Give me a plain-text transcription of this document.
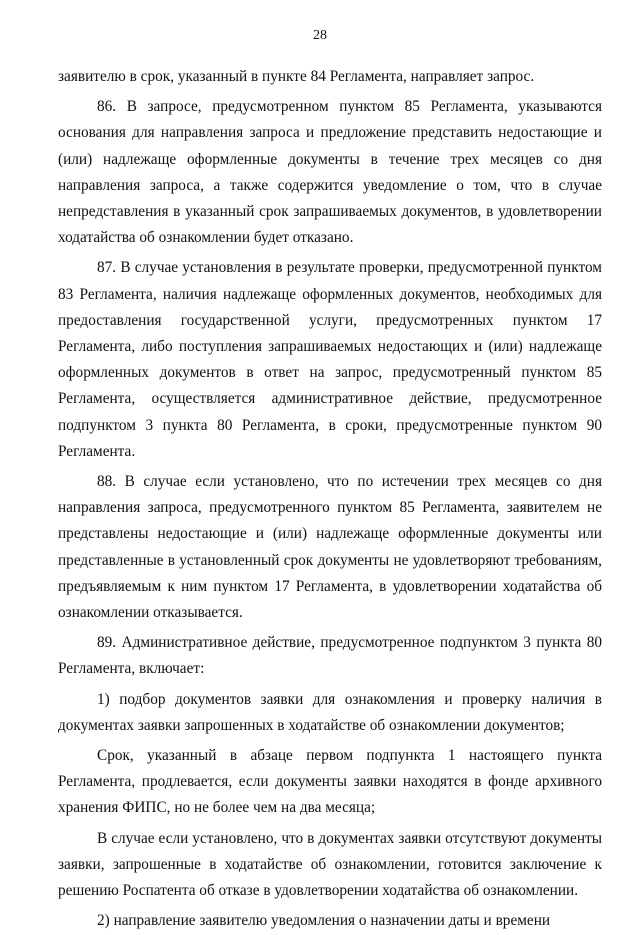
28

заявителю в срок, указанный в пункте 84 Регламента, направляет запрос.

86. В запросе, предусмотренном пунктом 85 Регламента, указываются основания для направления запроса и предложение представить недостающие и (или) надлежаще оформленные документы в течение трех месяцев со дня направления запроса, а также содержится уведомление о том, что в случае непредставления в указанный срок запрашиваемых документов, в удовлетворении ходатайства об ознакомлении будет отказано.

87. В случае установления в результате проверки, предусмотренной пунктом 83 Регламента, наличия надлежаще оформленных документов, необходимых для предоставления государственной услуги, предусмотренных пунктом 17 Регламента, либо поступления запрашиваемых недостающих и (или) надлежаще оформленных документов в ответ на запрос, предусмотренный пунктом 85 Регламента, осуществляется административное действие, предусмотренное подпунктом 3 пункта 80 Регламента, в сроки, предусмотренные пунктом 90 Регламента.

88. В случае если установлено, что по истечении трех месяцев со дня направления запроса, предусмотренного пунктом 85 Регламента, заявителем не представлены недостающие и (или) надлежаще оформленные документы или представленные в установленный срок документы не удовлетворяют требованиям, предъявляемым к ним пунктом 17 Регламента, в удовлетворении ходатайства об ознакомлении отказывается.

89. Административное действие, предусмотренное подпунктом 3 пункта 80 Регламента, включает:

1) подбор документов заявки для ознакомления и проверку наличия в документах заявки запрошенных в ходатайстве об ознакомлении документов;

Срок, указанный в абзаце первом подпункта 1 настоящего пункта Регламента, продлевается, если документы заявки находятся в фонде архивного хранения ФИПС, но не более чем на два месяца;

В случае если установлено, что в документах заявки отсутствуют документы заявки, запрошенные в ходатайстве об ознакомлении, готовится заключение к решению Роспатента об отказе в удовлетворении ходатайства об ознакомлении.

2) направление заявителю уведомления о назначении даты и времени
